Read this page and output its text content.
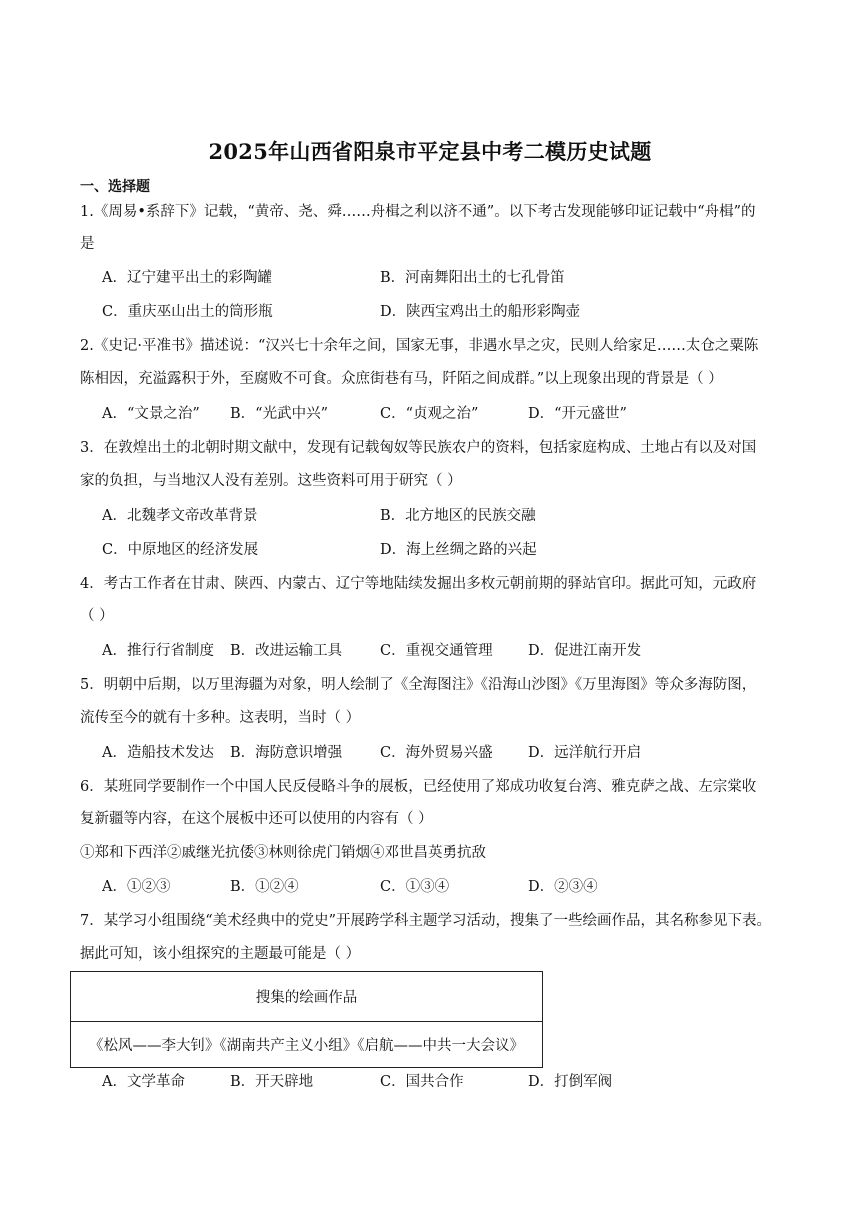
2025年山西省阳泉市平定县中考二模历史试题
一、选择题
1.《周易•系辞下》记载，“黄帝、尧、舜……舟楫之利以济不通”。以下考古发现能够印证记载中“舟楫”的
是
A．辽宁建平出土的彩陶罐	B．河南舞阳出土的七孔骨笛
C．重庆巫山出土的筒形瓶	D．陕西宝鸡出土的船形彩陶壶
2.《史记·平准书》描述说：“汉兴七十余年之间，国家无事，非遇水旱之灾，民则人给家足……太仓之粟陈
陈相因，充溢露积于外，至腐败不可食。众庶街巷有马，阡陌之间成群。”以上现象出现的背景是（ ）
A．“文景之治” B．“光武中兴”	C．“贞观之治”	D．“开元盛世”
3．在敦煌出土的北朝时期文献中，发现有记载匈奴等民族农户的资料，包括家庭构成、土地占有以及对国
家的负担，与当地汉人没有差别。这些资料可用于研究（ ）
A．北魏孝文帝改革背景	B．北方地区的民族交融
C．中原地区的经济发展	D．海上丝绸之路的兴起
4．考古工作者在甘肃、陕西、内蒙古、辽宁等地陆续发掘出多枚元朝前期的驿站官印。据此可知，元政府
（ ）
A．推行行省制度 B．改进运输工具	C．重视交通管理 D．促进江南开发
5．明朝中后期，以万里海疆为对象，明人绘制了《全海图注》《沿海山沙图》《万里海图》等众多海防图，
流传至今的就有十多种。这表明，当时（ ）
A．造船技术发达 B．海防意识增强	C．海外贸易兴盛 D．远洋航行开启
6．某班同学要制作一个中国人民反侵略斗争的展板，已经使用了郑成功收复台湾、雅克萨之战、左宗棠收
复新疆等内容，在这个展板中还可以使用的内容有（ ）
①郑和下西洋②戚继光抗倭③林则徐虎门销烟④邓世昌英勇抗敌
A．①②③	B．①②④	C．①③④	D．②③④
7．某学习小组围绕“美术经典中的党史”开展跨学科主题学习活动，搜集了一些绘画作品，其名称参见下表。
据此可知，该小组探究的主题最可能是（ ）
搜集的绘画作品
《松风——李大钊》《湖南共产主义小组》《启航——中共一大会议》
A．文学革命	B．开天辟地	C．国共合作	D．打倒军阀
